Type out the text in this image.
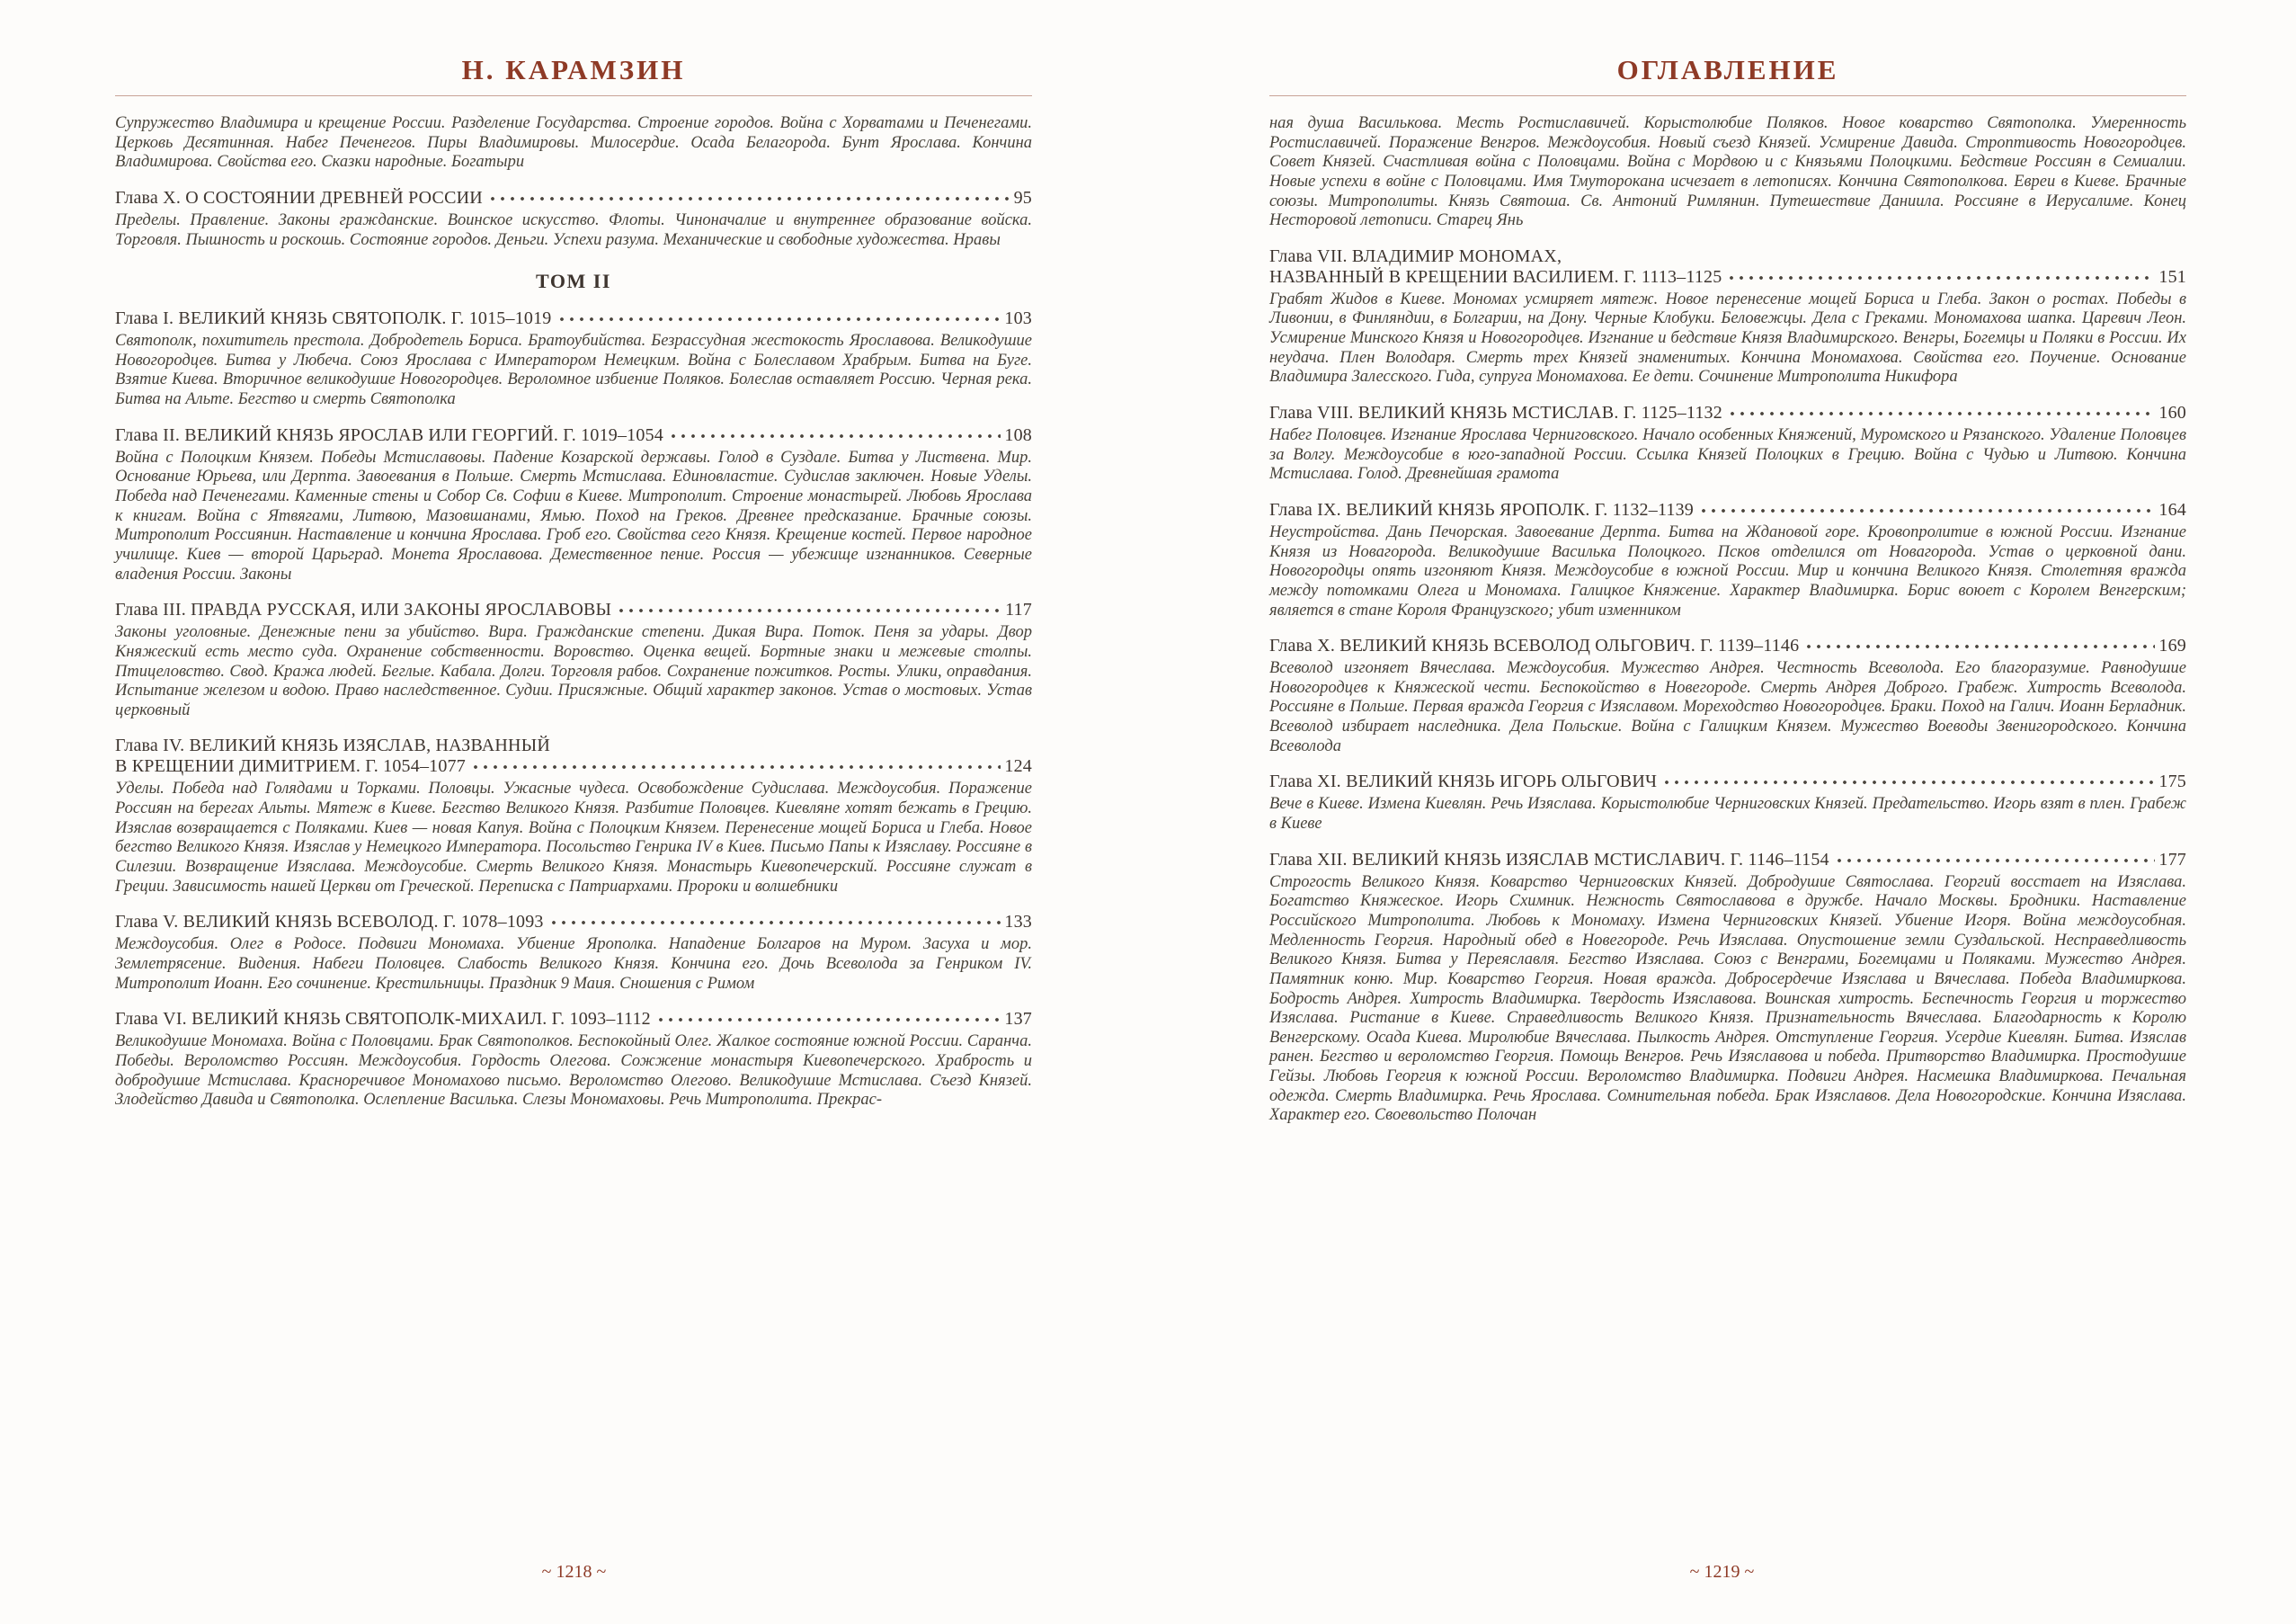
Н. КАРАМЗИН

Супружество Владимира и крещение России. Разделение Государства. Строение городов. Война с Хорватами и Печенегами. Церковь Десятинная. Набег Печенегов. Пиры Владимировы. Милосердие. Осада Белагорода. Бунт Ярослава. Кончина Владимирова. Свойства его. Сказки народные. Богатыри

Глава X. О СОСТОЯНИИ ДРЕВНЕЙ РОССИИ	95

Пределы. Правление. Законы гражданские. Воинское искусство. Флоты. Чиноначалие и внутреннее образование войска. Торговля. Пышность и роскошь. Состояние городов. Деньги. Успехи разума. Механические и свободные художества. Нравы

ТОМ II
Глава I. ВЕЛИКИЙ КНЯЗЬ СВЯТОПОЛК. Г. 1015–1019	103

Святополк, похититель престола. Добродетель Бориса. Братоубийства. Безрассудная жестокость Ярославова. Великодушие Новогородцев. Битва у Любеча. Союз Ярослава с Императором Немецким. Война с Болеславом Храбрым. Битва на Буге. Взятие Киева. Вторичное великодушие Новогородцев. Вероломное избиение Поляков. Болеслав оставляет Россию. Черная река. Битва на Альте. Бегство и смерть Святополка

Глава II. ВЕЛИКИЙ КНЯЗЬ ЯРОСЛАВ ИЛИ ГЕОРГИЙ. Г. 1019–1054	108

Война с Полоцким Князем. Победы Мстиславовы. Падение Козарской державы. Голод в Суздале. Битва у Листвена. Мир. Основание Юрьева, или Дерпта. Завоевания в Польше. Смерть Мстислава. Единовластие. Судислав заключен. Новые Уделы. Победа над Печенегами. Каменные стены и Собор Св. Софии в Киеве. Митрополит. Строение монастырей. Любовь Ярослава к книгам. Война с Ятвягами, Литвою, Мазовшанами, Ямью. Поход на Греков. Древнее предсказание. Брачные союзы. Митрополит Россиянин. Наставление и кончина Ярослава. Гроб его. Свойства сего Князя. Крещение костей. Первое народное училище. Киев — второй Царьград. Монета Ярославова. Демественное пение. Россия — убежище изгнанников. Северные владения России. Законы

Глава III. ПРАВДА РУССКАЯ, ИЛИ ЗАКОНЫ ЯРОСЛАВОВЫ	117

Законы уголовные. Денежные пени за убийство. Вира. Гражданские степени. Дикая Вира. Поток. Пеня за удары. Двор Княжеский есть место суда. Охранение собственности. Воровство. Оценка вещей. Бортные знаки и межевые столпы. Птицеловство. Свод. Кража людей. Беглые. Кабала. Долги. Торговля рабов. Сохранение пожитков. Росты. Улики, оправдания. Испытание железом и водою. Право наследственное. Судии. Присяжные. Общий характер законов. Устав о мостовых. Устав церковный

Глава IV. ВЕЛИКИЙ КНЯЗЬ ИЗЯСЛАВ, НАЗВАННЫЙ
В КРЕЩЕНИИ ДИМИТРИЕМ. Г. 1054–1077	124

Уделы. Победа над Голядами и Торками. Половцы. Ужасные чудеса. Освобождение Судислава. Междоусобия. Поражение Россиян на берегах Альты. Мятеж в Киеве. Бегство Великого Князя. Разбитие Половцев. Киевляне хотят бежать в Грецию. Изяслав возвращается с Поляками. Киев — новая Капуя. Война с Полоцким Князем. Перенесение мощей Бориса и Глеба. Новое бегство Великого Князя. Изяслав у Немецкого Императора. Посольство Генрика IV в Киев. Письмо Папы к Изяславу. Россияне в Силезии. Возвращение Изяслава. Междоусобие. Смерть Великого Князя. Монастырь Киевопечерский. Россияне служат в Греции. Зависимость нашей Церкви от Греческой. Переписка с Патриархами. Пророки и волшебники

Глава V. ВЕЛИКИЙ КНЯЗЬ ВСЕВОЛОД. Г. 1078–1093	133

Междоусобия. Олег в Родосе. Подвиги Мономаха. Убиение Ярополка. Нападение Болгаров на Муром. Засуха и мор. Землетрясение. Видения. Набеги Половцев. Слабость Великого Князя. Кончина его. Дочь Всеволода за Генриком IV. Митрополит Иоанн. Его сочинение. Крестильницы. Праздник 9 Маия. Сношения с Римом

Глава VI. ВЕЛИКИЙ КНЯЗЬ СВЯТОПОЛК-МИХАИЛ. Г. 1093–1112	137

Великодушие Мономаха. Война с Половцами. Брак Святополков. Беспокойный Олег. Жалкое состояние южной России. Саранча. Победы. Вероломство Россиян. Междоусобия. Гордость Олегова. Сожжение монастыря Киевопечерского. Храбрость и добродушие Мстислава. Красноречивое Мономахово письмо. Вероломство Олегово. Великодушие Мстислава. Съезд Князей. Злодейство Давида и Святополка. Ослепление Василька. Слезы Мономаховы. Речь Митрополита. Прекрас-

~ 1218 ~
ОГЛАВЛЕНИЕ

ная душа Василькова. Месть Ростиславичей. Корыстолюбие Поляков. Новое коварство Святополка. Умеренность Ростиславичей. Поражение Венгров. Междоусобия. Новый съезд Князей. Усмирение Давида. Строптивость Новогородцев. Совет Князей. Счастливая война с Половцами. Война с Мордвою и с Князьями Полоцкими. Бедствие Россиян в Семиалии. Новые успехи в войне с Половцами. Имя Тмуторокана исчезает в летописях. Кончина Святополкова. Евреи в Киеве. Брачные союзы. Митрополиты. Князь Святоша. Св. Антоний Римлянин. Путешествие Даниила. Россияне в Иерусалиме. Конец Несторовой летописи. Старец Янь

Глава VII. ВЛАДИМИР МОНОМАХ,
НАЗВАННЫЙ В КРЕЩЕНИИ ВАСИЛИЕМ. Г. 1113–1125	151

Грабят Жидов в Киеве. Мономах усмиряет мятеж. Новое перенесение мощей Бориса и Глеба. Закон о ростах. Победы в Ливонии, в Финляндии, в Болгарии, на Дону. Черные Клобуки. Беловежцы. Дела с Греками. Мономахова шапка. Царевич Леон. Усмирение Минского Князя и Новогородцев. Изгнание и бедствие Князя Владимирского. Венгры, Богемцы и Поляки в России. Их неудача. Плен Володаря. Смерть трех Князей знаменитых. Кончина Мономахова. Свойства его. Поучение. Основание Владимира Залесского. Гида, супруга Мономахова. Ее дети. Сочинение Митрополита Никифора

Глава VIII. ВЕЛИКИЙ КНЯЗЬ МСТИСЛАВ. Г. 1125–1132	160

Набег Половцев. Изгнание Ярослава Черниговского. Начало особенных Княжений, Муромского и Рязанского. Удаление Половцев за Волгу. Междоусобие в юго-западной России. Ссылка Князей Полоцких в Грецию. Война с Чудью и Литвою. Кончина Мстислава. Голод. Древнейшая грамота

Глава IX. ВЕЛИКИЙ КНЯЗЬ ЯРОПОЛК. Г. 1132–1139	164

Неустройства. Дань Печорская. Завоевание Дерпта. Битва на Ждановой горе. Кровопролитие в южной России. Изгнание Князя из Новагорода. Великодушие Василька Полоцкого. Псков отделился от Новагорода. Устав о церковной дани. Новогородцы опять изгоняют Князя. Междоусобие в южной России. Мир и кончина Великого Князя. Столетняя вражда между потомками Олега и Мономаха. Галицкое Княжение. Характер Владимирка. Борис воюет с Королем Венгерским; является в стане Короля Французского; убит изменником

Глава X. ВЕЛИКИЙ КНЯЗЬ ВСЕВОЛОД ОЛЬГОВИЧ. Г. 1139–1146	169

Всеволод изгоняет Вячеслава. Междоусобия. Мужество Андрея. Честность Всеволода. Его благоразумие. Равнодушие Новогородцев к Княжеской чести. Беспокойство в Новегороде. Смерть Андрея Доброго. Грабеж. Хитрость Всеволода. Россияне в Польше. Первая вражда Георгия с Изяславом. Мореходство Новогородцев. Браки. Поход на Галич. Иоанн Берладник. Всеволод избирает наследника. Дела Польские. Война с Галицким Князем. Мужество Воеводы Звенигородского. Кончина Всеволода

Глава XI. ВЕЛИКИЙ КНЯЗЬ ИГОРЬ ОЛЬГОВИЧ	175

Вече в Киеве. Измена Киевлян. Речь Изяслава. Корыстолюбие Черниговских Князей. Предательство. Игорь взят в плен. Грабеж в Киеве

Глава XII. ВЕЛИКИЙ КНЯЗЬ ИЗЯСЛАВ МСТИСЛАВИЧ. Г. 1146–1154	177

Строгость Великого Князя. Коварство Черниговских Князей. Добродушие Святослава. Георгий восстает на Изяслава. Богатство Княжеское. Игорь Схимник. Нежность Святославова в дружбе. Начало Москвы. Бродники. Наставление Российского Митрополита. Любовь к Мономаху. Измена Черниговских Князей. Убиение Игоря. Война междоусобная. Медленность Георгия. Народный обед в Новегороде. Речь Изяслава. Опустошение земли Суздальской. Несправедливость Великого Князя. Битва у Переяславля. Бегство Изяслава. Союз с Венграми, Богемцами и Поляками. Мужество Андрея. Памятник коню. Мир. Коварство Георгия. Новая вражда. Добросердечие Изяслава и Вячеслава. Победа Владимиркова. Бодрость Андрея. Хитрость Владимирка. Твердость Изяславова. Воинская хитрость. Беспечность Георгия и торжество Изяслава. Ристание в Киеве. Справедливость Великого Князя. Признательность Вячеслава. Благодарность к Королю Венгерскому. Осада Киева. Миролюбие Вячеслава. Пылкость Андрея. Отступление Георгия. Усердие Киевлян. Битва. Изяслав ранен. Бегство и вероломство Георгия. Помощь Венгров. Речь Изяславова и победа. Притворство Владимирка. Простодушие Гейзы. Любовь Георгия к южной России. Вероломство Владимирка. Подвиги Андрея. Насмешка Владимиркова. Печальная одежда. Смерть Владимирка. Речь Ярослава. Сомнительная победа. Брак Изяславов. Дела Новогородские. Кончина Изяслава. Характер его. Своевольство Полочан

~ 1219 ~
